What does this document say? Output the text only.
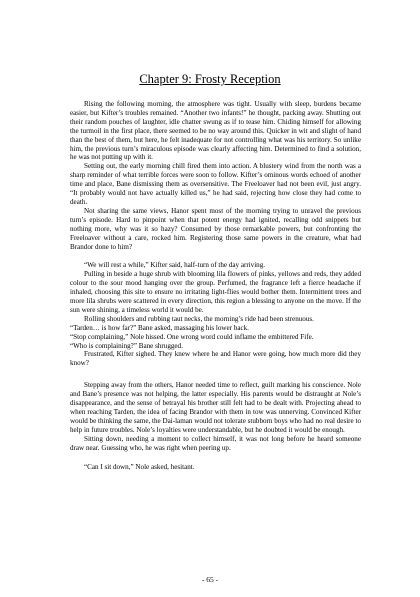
Chapter 9: Frosty Reception

Rising the following morning, the atmosphere was tight. Usually with sleep, burdens became easier, but Kifter’s troubles remained. “Another two infants!” he thought, packing away. Shutting out their random pouches of laughter, idle chatter swung as if to tease him. Chiding himself for allowing the turmoil in the first place, there seemed to be no way around this. Quicker in wit and slight of hand than the best of them, but here, he felt inadequate for not controlling what was his territory. So unlike him, the previous turn’s miraculous episode was clearly affecting him. Determined to find a solution, he was not putting up with it.

Setting out, the early morning chill fired them into action. A blustery wind from the north was a sharp reminder of what terrible forces were soon to follow. Kifter’s ominous words echoed of another time and place, Bane dismissing them as oversensitive. The Freeloaver had not been evil, just angry. “It probably would not have actually killed us,” he had said, rejecting how close they had come to death.

Not sharing the same views, Hanor spent most of the morning trying to unravel the previous turn’s episode. Hard to pinpoint when that potent energy had ignited, recalling odd snippets but nothing more, why was it so hazy? Consumed by those remarkable powers, but confronting the Freeloaver without a care, rocked him. Registering those same powers in the creature, what had Brandor done to him?

“We will rest a while,” Kifter said, half-turn of the day arriving.

Pulling in beside a huge shrub with blooming lila flowers of pinks, yellows and reds, they added colour to the sour mood hanging over the group. Perfumed, the fragrance left a fierce headache if inhaled, choosing this site to ensure no irritating light-flies would bother them. Intermittent trees and more lila shrubs were scattered in every direction, this region a blessing to anyone on the move. If the sun were shining, a timeless world it would be.

Rolling shoulders and rubbing taut necks, the morning’s ride had been strenuous.

“Tarden… is how far?” Bane asked, massaging his lower back.

“Stop complaining,” Nole hissed. One wrong word could inflame the embittered Fife.

“Who is complaining?” Bane shrugged.

Frustrated, Kifter sighed. They knew where he and Hanor were going, how much more did they know?

Stepping away from the others, Hanor needed time to reflect, guilt marking his conscience. Nole and Bane’s presence was not helping, the latter especially. His parents would be distraught at Nole’s disappearance, and the sense of betrayal his brother still felt had to be dealt with. Projecting ahead to when reaching Tarden, the idea of facing Brandor with them in tow was unnerving. Convinced Kifter would be thinking the same, the Dai-laman would not tolerate stubborn boys who had no real desire to help in future troubles. Nole’s loyalties were understandable, but he doubted it would be enough.

Sitting down, needing a moment to collect himself, it was not long before he heard someone draw near. Guessing who, he was right when peering up.

“Can I sit down,” Nole asked, hesitant.

- 65 -
